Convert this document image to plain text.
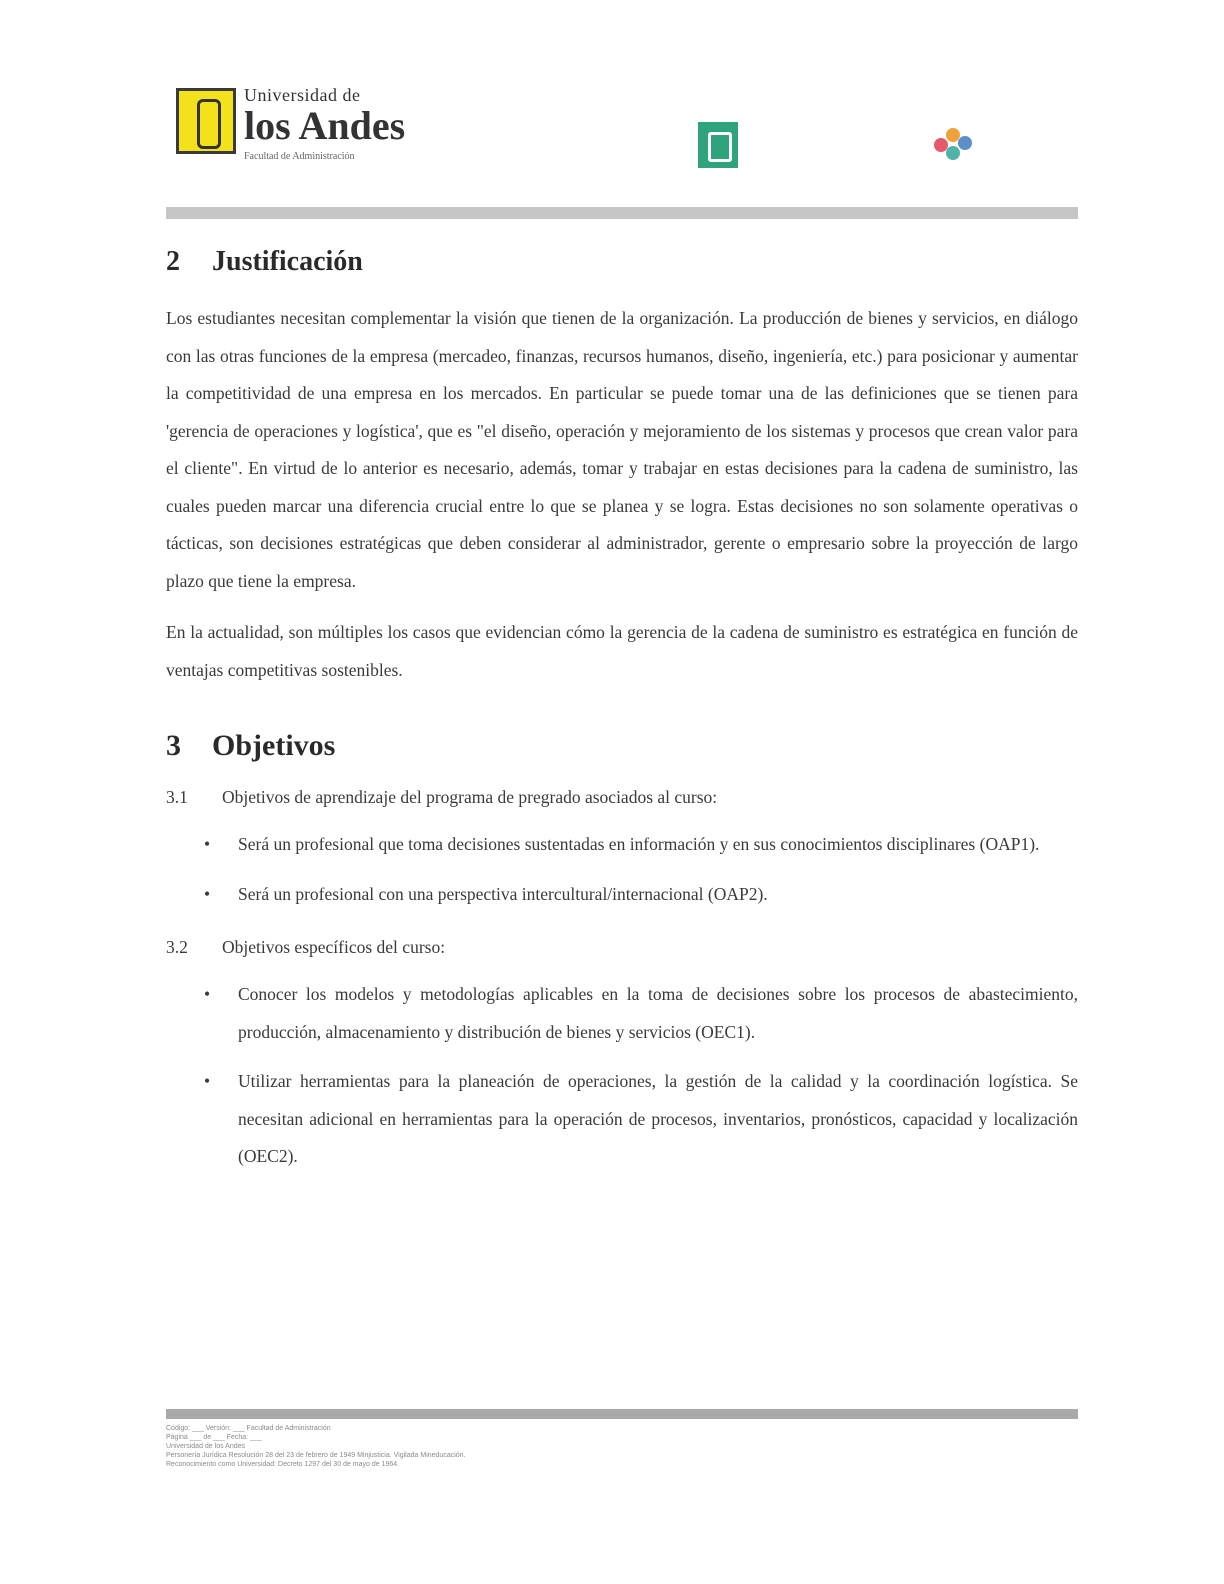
Universidad de
los Andes
Facultad de Administración
2 Justificación

Los estudiantes necesitan complementar la visión que tienen de la organización. La producción de bienes y servicios, en diálogo con las otras funciones de la empresa (mercadeo, finanzas, recursos humanos, diseño, ingeniería, etc.) para posicionar y aumentar la competitividad de una empresa en los mercados. En particular se puede tomar una de las definiciones que se tienen para 'gerencia de operaciones y logística', que es "el diseño, operación y mejoramiento de los sistemas y procesos que crean valor para el cliente". En virtud de lo anterior es necesario, además, tomar y trabajar en estas decisiones para la cadena de suministro, las cuales pueden marcar una diferencia crucial entre lo que se planea y se logra. Estas decisiones no son solamente operativas o tácticas, son decisiones estratégicas que deben considerar al administrador, gerente o empresario sobre la proyección de largo plazo que tiene la empresa.

En la actualidad, son múltiples los casos que evidencian cómo la gerencia de la cadena de suministro es estratégica en función de ventajas competitivas sostenibles.

3 Objetivos
3.1 Objetivos de aprendizaje del programa de pregrado asociados al curso:
• Será un profesional que toma decisiones sustentadas en información y en sus conocimientos disciplinares (OAP1).
• Será un profesional con una perspectiva intercultural/internacional (OAP2).
3.2 Objetivos específicos del curso:
• Conocer los modelos y metodologías aplicables en la toma de decisiones sobre los procesos de abastecimiento, producción, almacenamiento y distribución de bienes y servicios (OEC1).
• Utilizar herramientas para la planeación de operaciones, la gestión de la calidad y la coordinación logística. Se necesitan adicional en herramientas para la operación de procesos, inventarios, pronósticos, capacidad y localización (OEC2).
Código: ___ Versión: ___ Facultad de Administración
Página ___ de ___ Fecha: ___
Universidad de los Andes
Personería Jurídica Resolución 28 del 23 de febrero de 1949 Minjusticia. Vigilada Mineducación.
Reconocimiento como Universidad: Decreto 1297 del 30 de mayo de 1964.
